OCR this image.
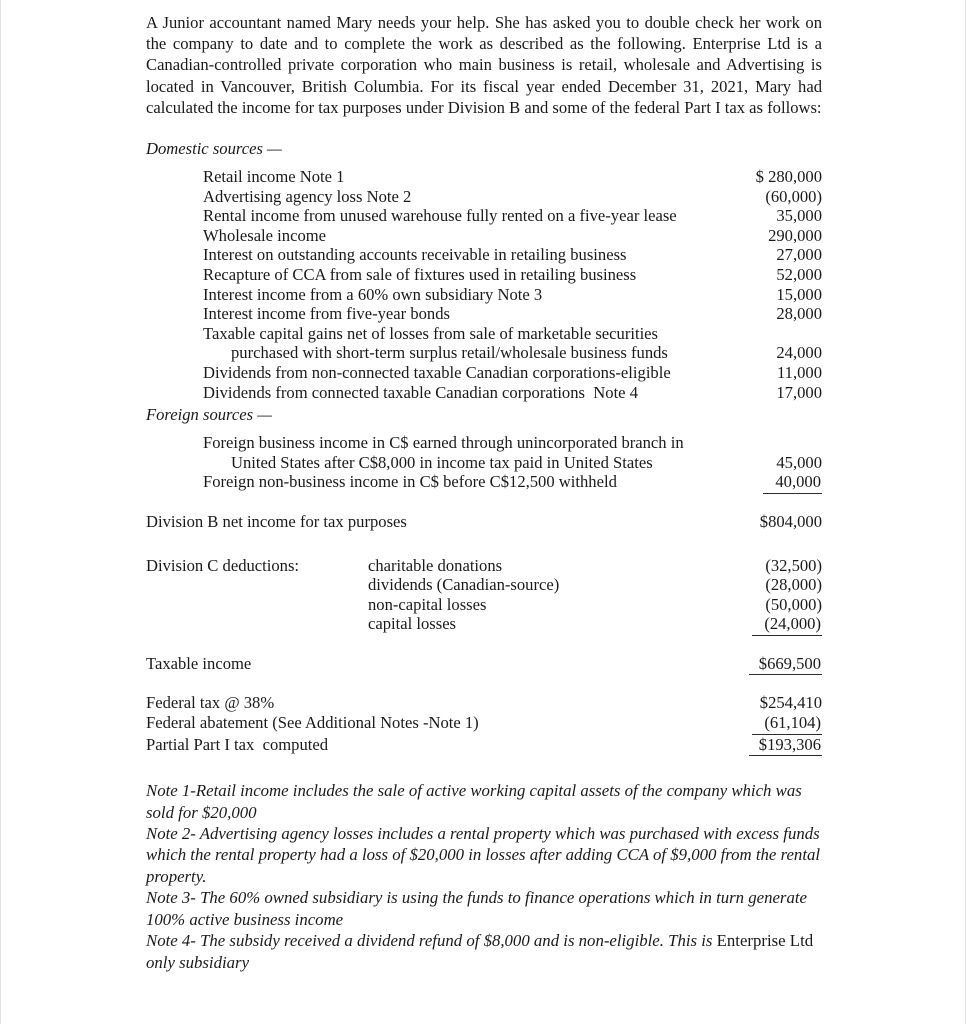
A Junior accountant named Mary needs your help. She has asked you to double check her work on the company to date and to complete the work as described as the following. Enterprise Ltd is a Canadian-controlled private corporation who main business is retail, wholesale and Advertising is located in Vancouver, British Columbia. For its fiscal year ended December 31, 2021, Mary had calculated the income for tax purposes under Division B and some of the federal Part I tax as follows:

Domestic sources —
Retail income Note 1	$ 280,000
Advertising agency loss Note 2	(60,000)
Rental income from unused warehouse fully rented on a five-year lease	35,000
Wholesale income	290,000
Interest on outstanding accounts receivable in retailing business	27,000
Recapture of CCA from sale of fixtures used in retailing business	52,000
Interest income from a 60% own subsidiary Note 3	15,000
Interest income from five-year bonds	28,000
Taxable capital gains net of losses from sale of marketable securities
purchased with short-term surplus retail/wholesale business funds	24,000
Dividends from non-connected taxable Canadian corporations-eligible	11,000
Dividends from connected taxable Canadian corporations  Note 4	17,000
Foreign sources —
Foreign business income in C$ earned through unincorporated branch in
United States after C$8,000 in income tax paid in United States	45,000
Foreign non-business income in C$ before C$12,500 withheld	40,000
Division B net income for tax purposes	$804,000
Division C deductions:	charitable donations	(32,500)
dividends (Canadian-source)	(28,000)
non-capital losses	(50,000)
capital losses	(24,000)
Taxable income	$669,500
Federal tax @ 38%	$254,410
Federal abatement (See Additional Notes -Note 1)	(61,104)
Partial Part I tax  computed	$193,306

Note 1-Retail income includes the sale of active working capital assets of the company which was sold for $20,000

Note 2- Advertising agency losses includes a rental property which was purchased with excess funds which the rental property had a loss of $20,000 in losses after adding CCA of $9,000 from the rental property.

Note 3- The 60% owned subsidiary is using the funds to finance operations which in turn generate 100% active business income

Note 4- The subsidy received a dividend refund of $8,000 and is non-eligible. This is Enterprise Ltd only subsidiary
